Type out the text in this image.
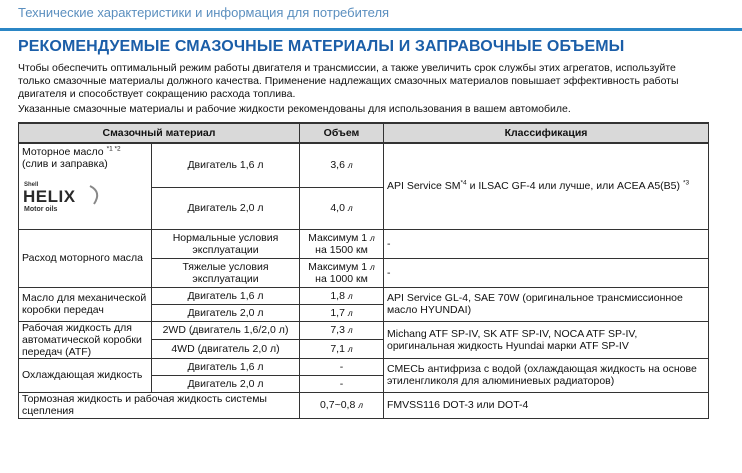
Технические характеристики и информация для потребителя
РЕКОМЕНДУЕМЫЕ СМАЗОЧНЫЕ МАТЕРИАЛЫ И ЗАПРАВОЧНЫЕ ОБЪЕМЫ
Чтобы обеспечить оптимальный режим работы двигателя и трансмиссии, а также увеличить срок службы этих агрегатов, используйте только смазочные материалы должного качества. Применение надлежащих смазочных материалов повышает эффективность работы двигателя и способствует сокращению расхода топлива.
Указанные смазочные материалы и рабочие жидкости рекомендованы для использования в вашем автомобиле.
Смазочный материал		Объем	Классификация
Моторное масло $^{*1 *2}$
(слив и заправка)
Shell
HELIX
Motor oils	Двигатель 1,6 л	3,6 л	API Service SM$^{*4}$ и ILSAC GF-4 или лучше, или ACEA A5(B5) $^{*3}$
	Двигатель 2,0 л	4,0 л	
Расход моторного масла	Нормальные условия эксплуатации	Максимум 1 л
на 1500 км	-
	Тяжелые условия эксплуатации	Максимум 1 л
на 1000 км	-
Масло для механической коробки передач	Двигатель 1,6 л	1,8 л	API Service GL-4, SAE 70W (оригинальное трансмиссионное масло HYUNDAI)
	Двигатель 2,0 л	1,7 л	
Рабочая жидкость для автоматической коробки передач (ATF)	2WD (двигатель 1,6/2,0 л)	7,3 л	Michang ATF SP-IV, SK ATF SP-IV, NOCA ATF SP-IV, оригинальная жидкость Hyundai марки ATF SP-IV
	4WD (двигатель 2,0 л)	7,1 л	
Охлаждающая жидкость	Двигатель 1,6 л	-	СМЕСЬ антифриза с водой (охлаждающая жидкость на основе этиленгликоля для алюминиевых радиаторов)
	Двигатель 2,0 л	-	
Тормозная жидкость и рабочая жидкость системы сцепления		0,7~0,8 л	FMVSS116 DOT-3 или DOT-4
